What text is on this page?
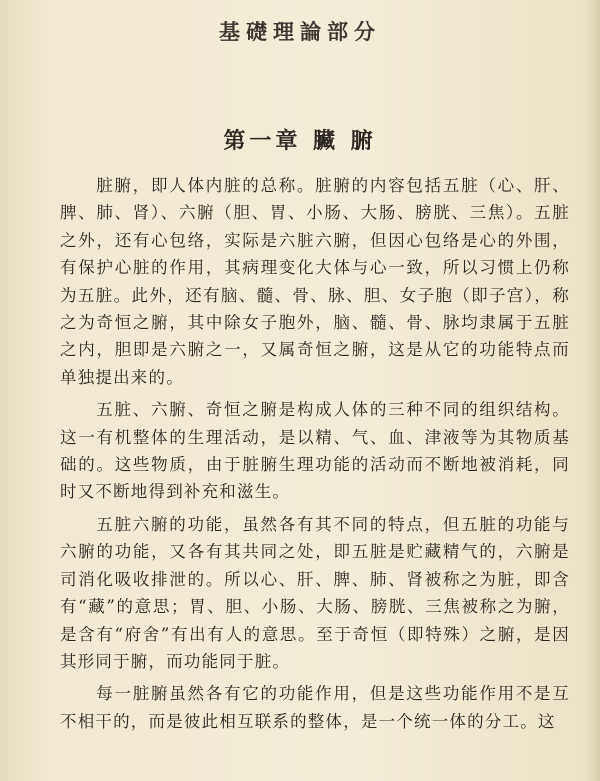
基礎理論部分
第一章 臟 腑

脏腑，即人体内脏的总称。脏腑的内容包括五脏（心、肝、脾、肺、肾）、六腑（胆、胃、小肠、大肠、膀胱、三焦）。五脏之外，还有心包络，实际是六脏六腑，但因心包络是心的外围，有保护心脏的作用，其病理变化大体与心一致，所以习惯上仍称为五脏。此外，还有脑、髓、骨、脉、胆、女子胞（即子宫），称之为奇恒之腑，其中除女子胞外，脑、髓、骨、脉均隶属于五脏之内，胆即是六腑之一，又属奇恒之腑，这是从它的功能特点而单独提出来的。

五脏、六腑、奇恒之腑是构成人体的三种不同的组织结构。这一有机整体的生理活动，是以精、气、血、津液等为其物质基础的。这些物质，由于脏腑生理功能的活动而不断地被消耗，同时又不断地得到补充和滋生。

五脏六腑的功能，虽然各有其不同的特点，但五脏的功能与六腑的功能，又各有其共同之处，即五脏是贮藏精气的，六腑是司消化吸收排泄的。所以心、肝、脾、肺、肾被称之为脏，即含有“藏”的意思；胃、胆、小肠、大肠、膀胱、三焦被称之为腑，是含有“府舍”有出有人的意思。至于奇恒（即特殊）之腑，是因其形同于腑，而功能同于脏。

每一脏腑虽然各有它的功能作用，但是这些功能作用不是互不相干的，而是彼此相互联系的整体，是一个统一体的分工。这
